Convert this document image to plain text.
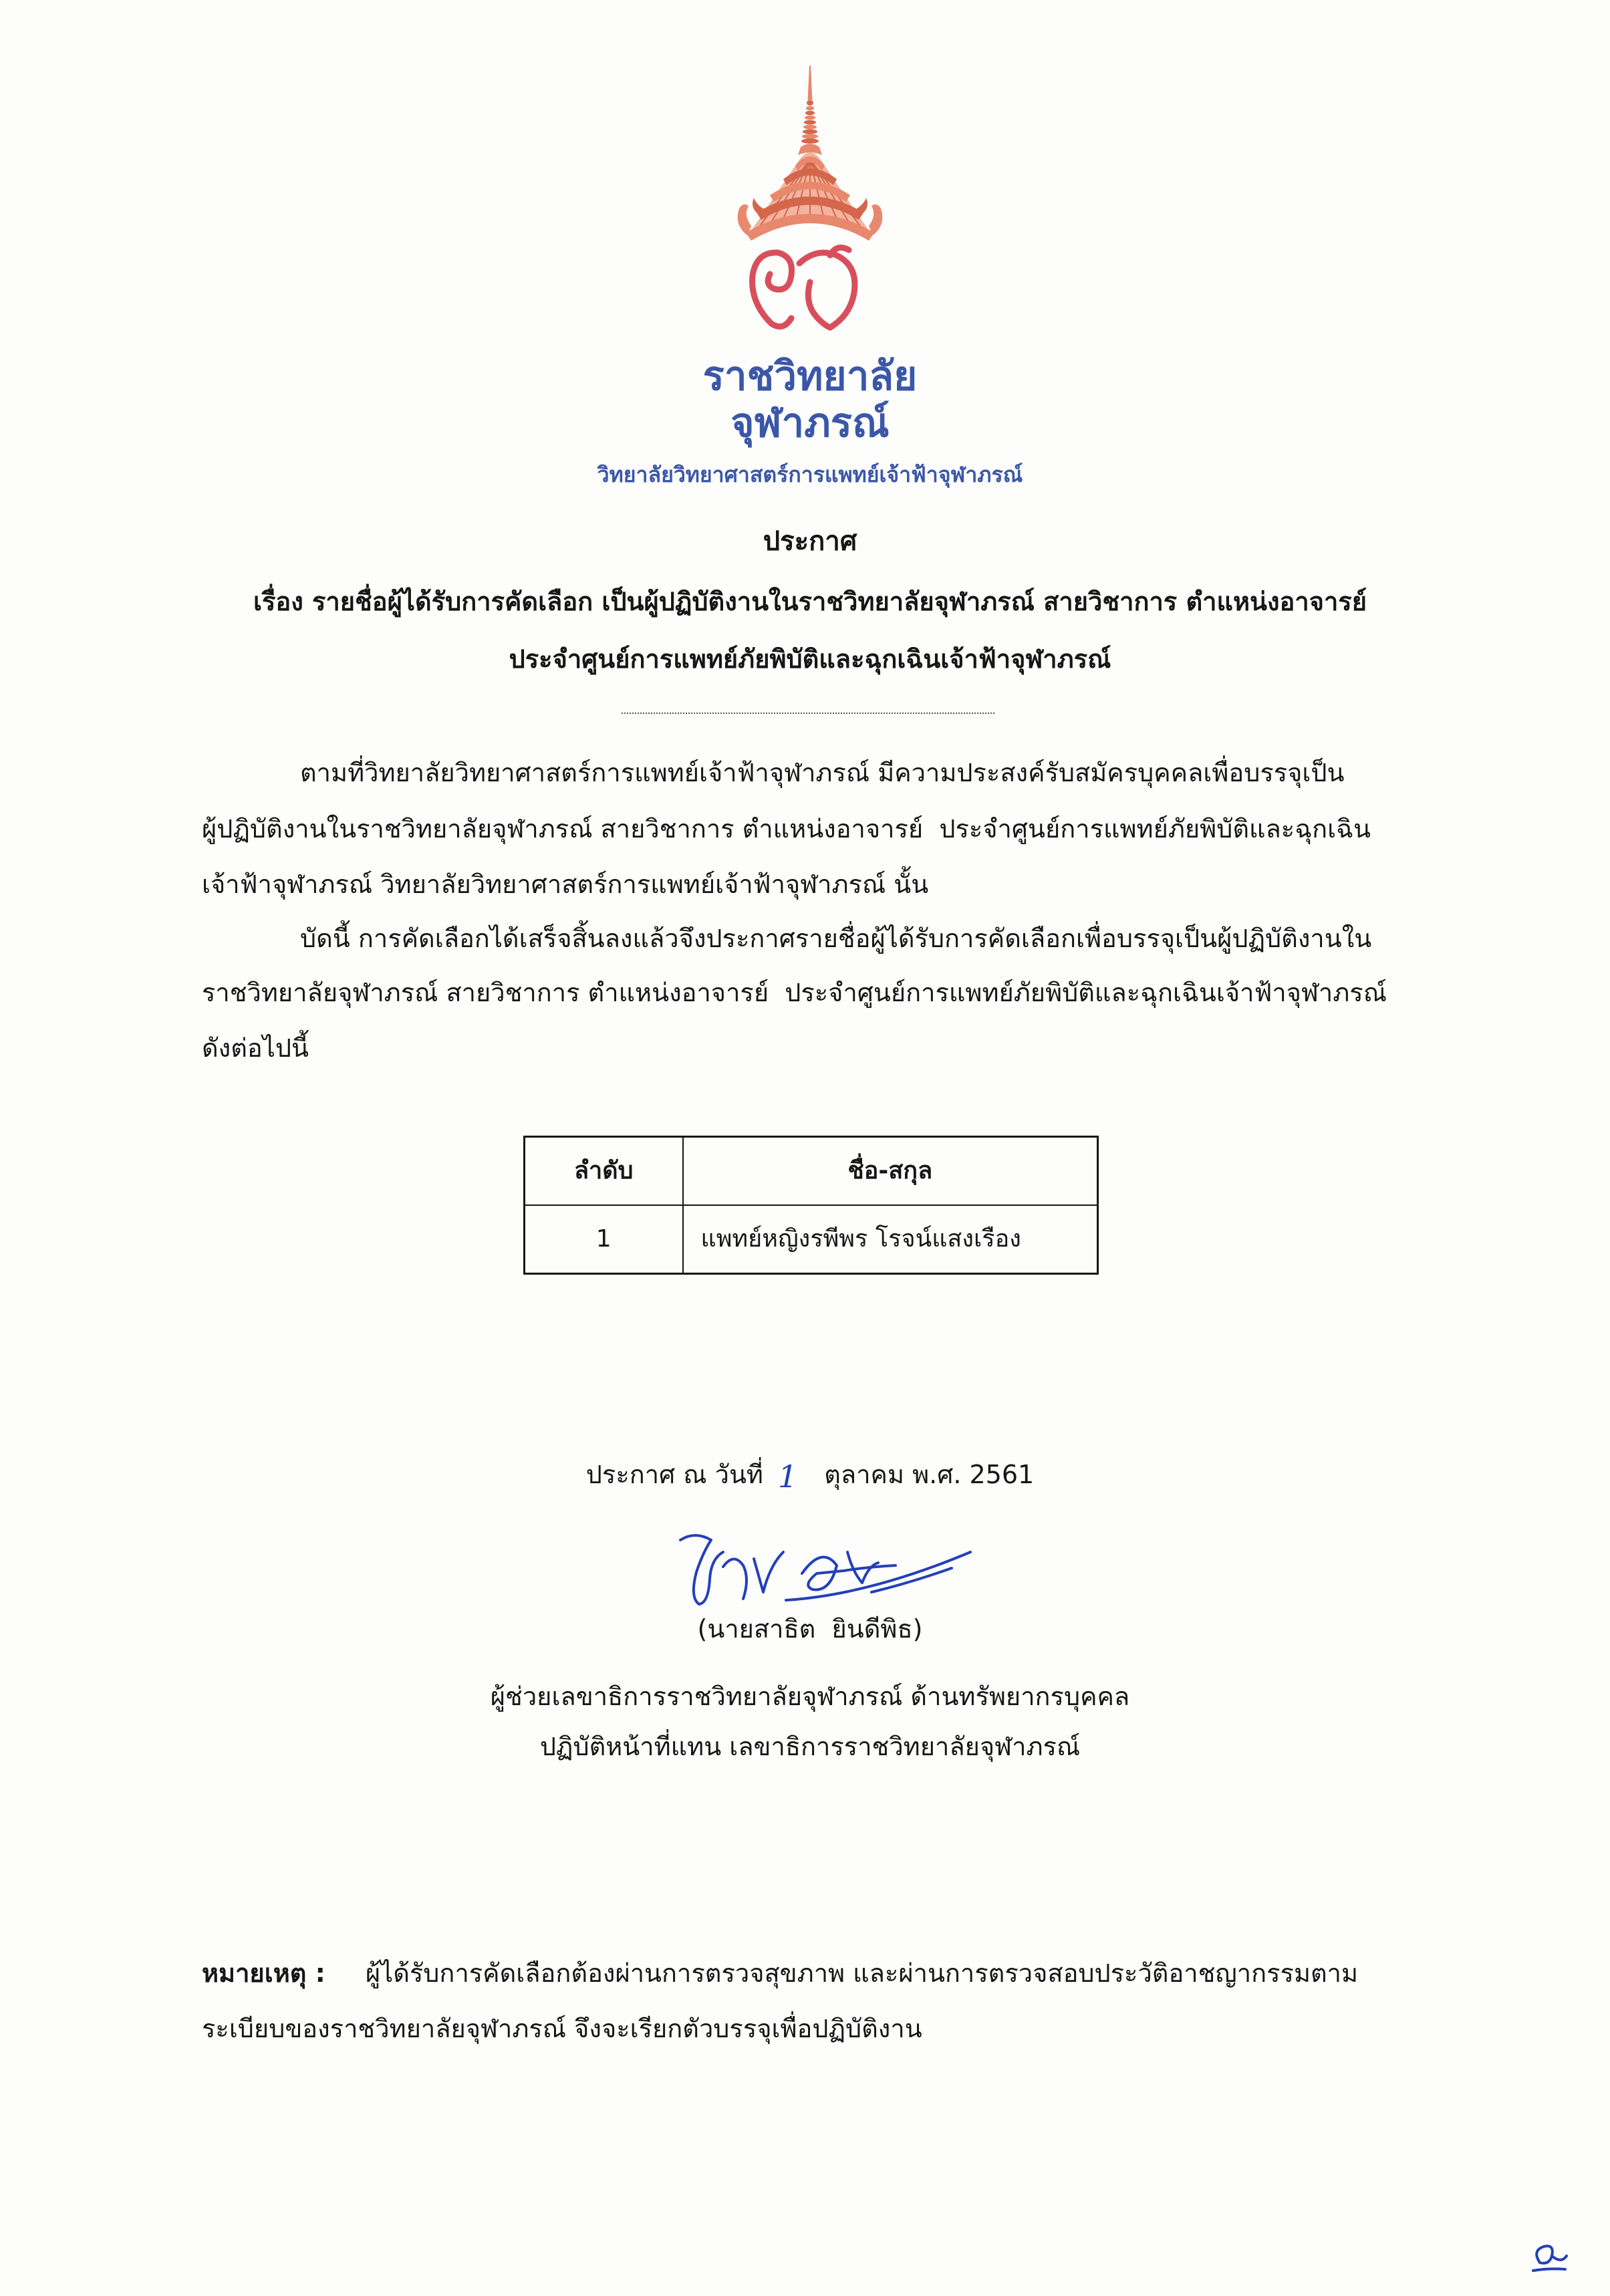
ราชวิทยาลัย
จุฬาภรณ์
วิทยาลัยวิทยาศาสตร์การแพทย์เจ้าฟ้าจุฬาภรณ์
ประกาศ
เรื่อง รายชื่อผู้ได้รับการคัดเลือก เป็นผู้ปฏิบัติงานในราชวิทยาลัยจุฬาภรณ์ สายวิชาการ ตำแหน่งอาจารย์
ประจำศูนย์การแพทย์ภัยพิบัติและฉุกเฉินเจ้าฟ้าจุฬาภรณ์
ตามที่วิทยาลัยวิทยาศาสตร์การแพทย์เจ้าฟ้าจุฬาภรณ์ มีความประสงค์รับสมัครบุคคลเพื่อบรรจุเป็น
ผู้ปฏิบัติงานในราชวิทยาลัยจุฬาภรณ์ สายวิชาการ ตำแหน่งอาจารย์  ประจำศูนย์การแพทย์ภัยพิบัติและฉุกเฉิน
เจ้าฟ้าจุฬาภรณ์ วิทยาลัยวิทยาศาสตร์การแพทย์เจ้าฟ้าจุฬาภรณ์ นั้น
บัดนี้ การคัดเลือกได้เสร็จสิ้นลงแล้วจึงประกาศรายชื่อผู้ได้รับการคัดเลือกเพื่อบรรจุเป็นผู้ปฏิบัติงานใน
ราชวิทยาลัยจุฬาภรณ์ สายวิชาการ ตำแหน่งอาจารย์  ประจำศูนย์การแพทย์ภัยพิบัติและฉุกเฉินเจ้าฟ้าจุฬาภรณ์
ดังต่อไปนี้
ลำดับ	ชื่อ-สกุล

1	แพทย์หญิงรพีพร โรจน์แสงเรือง
ประกาศ ณ วันที่ 1 ตุลาคม พ.ศ. 2561
(นายสาธิต  ยินดีพิธ)
ผู้ช่วยเลขาธิการราชวิทยาลัยจุฬาภรณ์ ด้านทรัพยากรบุคคล
ปฏิบัติหน้าที่แทน เลขาธิการราชวิทยาลัยจุฬาภรณ์
หมายเหตุ : ผู้ได้รับการคัดเลือกต้องผ่านการตรวจสุขภาพ และผ่านการตรวจสอบประวัติอาชญากรรมตาม
ระเบียบของราชวิทยาลัยจุฬาภรณ์ จึงจะเรียกตัวบรรจุเพื่อปฏิบัติงาน
